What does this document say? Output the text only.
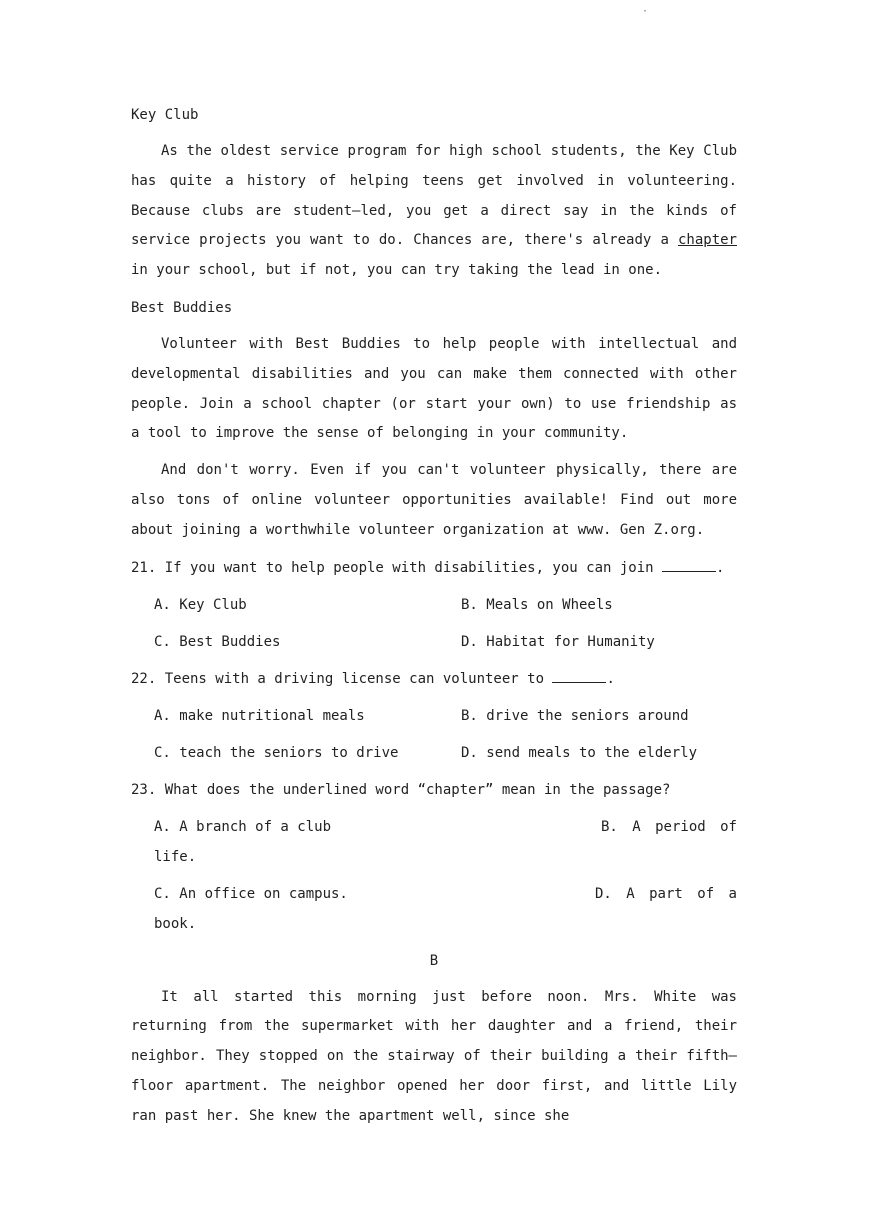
·
Key Club

As the oldest service program for high school students, the Key Club has quite a history of helping teens get involved in volunteering. Because clubs are student—led, you get a direct say in the kinds of service projects you want to do. Chances are, there's already a chapter in your school, but if not, you can try taking the lead in one.

Best Buddies

Volunteer with Best Buddies to help people with intellectual and developmental disabilities and you can make them connected with other people. Join a school chapter (or start your own) to use friendship as a tool to improve the sense of belonging in your community.

And don't worry. Even if you can't volunteer physically, there are also tons of online volunteer opportunities available! Find out more about joining a worthwhile volunteer organization at www. Gen Z.org.

21. If you want to help people with disabilities, you can join	.
A. Key Club	B. Meals on Wheels
C. Best Buddies	D. Habitat for Humanity
22. Teens with a driving license can volunteer to	.
A. make nutritional meals	B. drive the seniors around
C. teach the seniors to drive	D. send meals to the elderly
23. What does the underlined word “chapter” mean in the passage?
A. A branch of a club	B. A period of
life.
C. An office on campus.	D. A part of a
book.
B

It all started this morning just before noon. Mrs. White was returning from the supermarket with her daughter and a friend, their neighbor. They stopped on the stairway of their building a their fifth—floor apartment. The neighbor opened her door first, and little Lily ran past her. She knew the apartment well, since she
